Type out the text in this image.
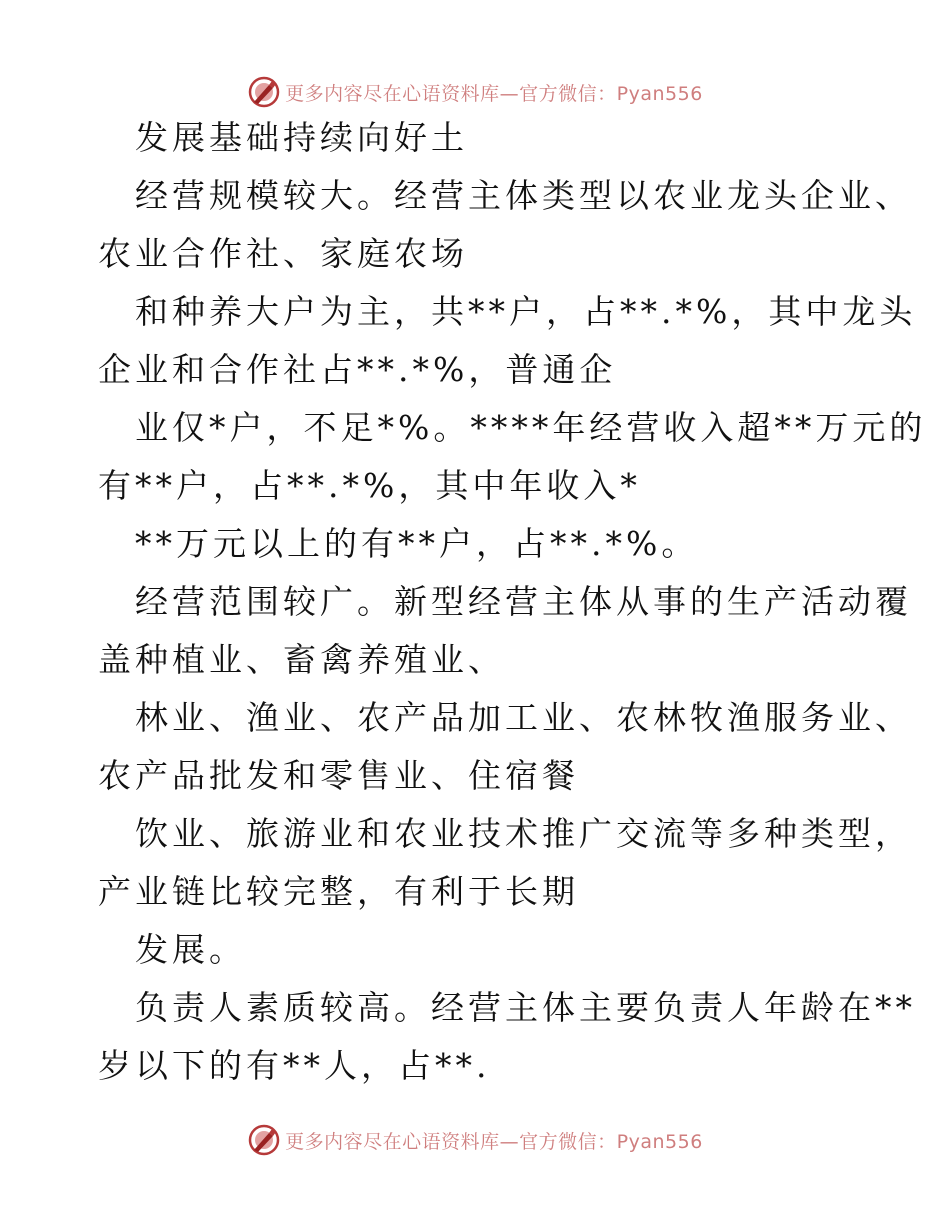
更多内容尽在心语资料库—官方微信：Pyan556
发展基础持续向好土
经营规模较大。经营主体类型以农业龙头企业、
农业合作社、家庭农场
和种养大户为主，共**户，占**.*%，其中龙头
企业和合作社占**.*%，普通企
业仅*户，不足*%。****年经营收入超**万元的
有**户，占**.*%，其中年收入*
**万元以上的有**户，占**.*%。
经营范围较广。新型经营主体从事的生产活动覆
盖种植业、畜禽养殖业、
林业、渔业、农产品加工业、农林牧渔服务业、
农产品批发和零售业、住宿餐
饮业、旅游业和农业技术推广交流等多种类型，
产业链比较完整，有利于长期
发展。
负责人素质较高。经营主体主要负责人年龄在**
岁以下的有**人，占**.
更多内容尽在心语资料库—官方微信：Pyan556
